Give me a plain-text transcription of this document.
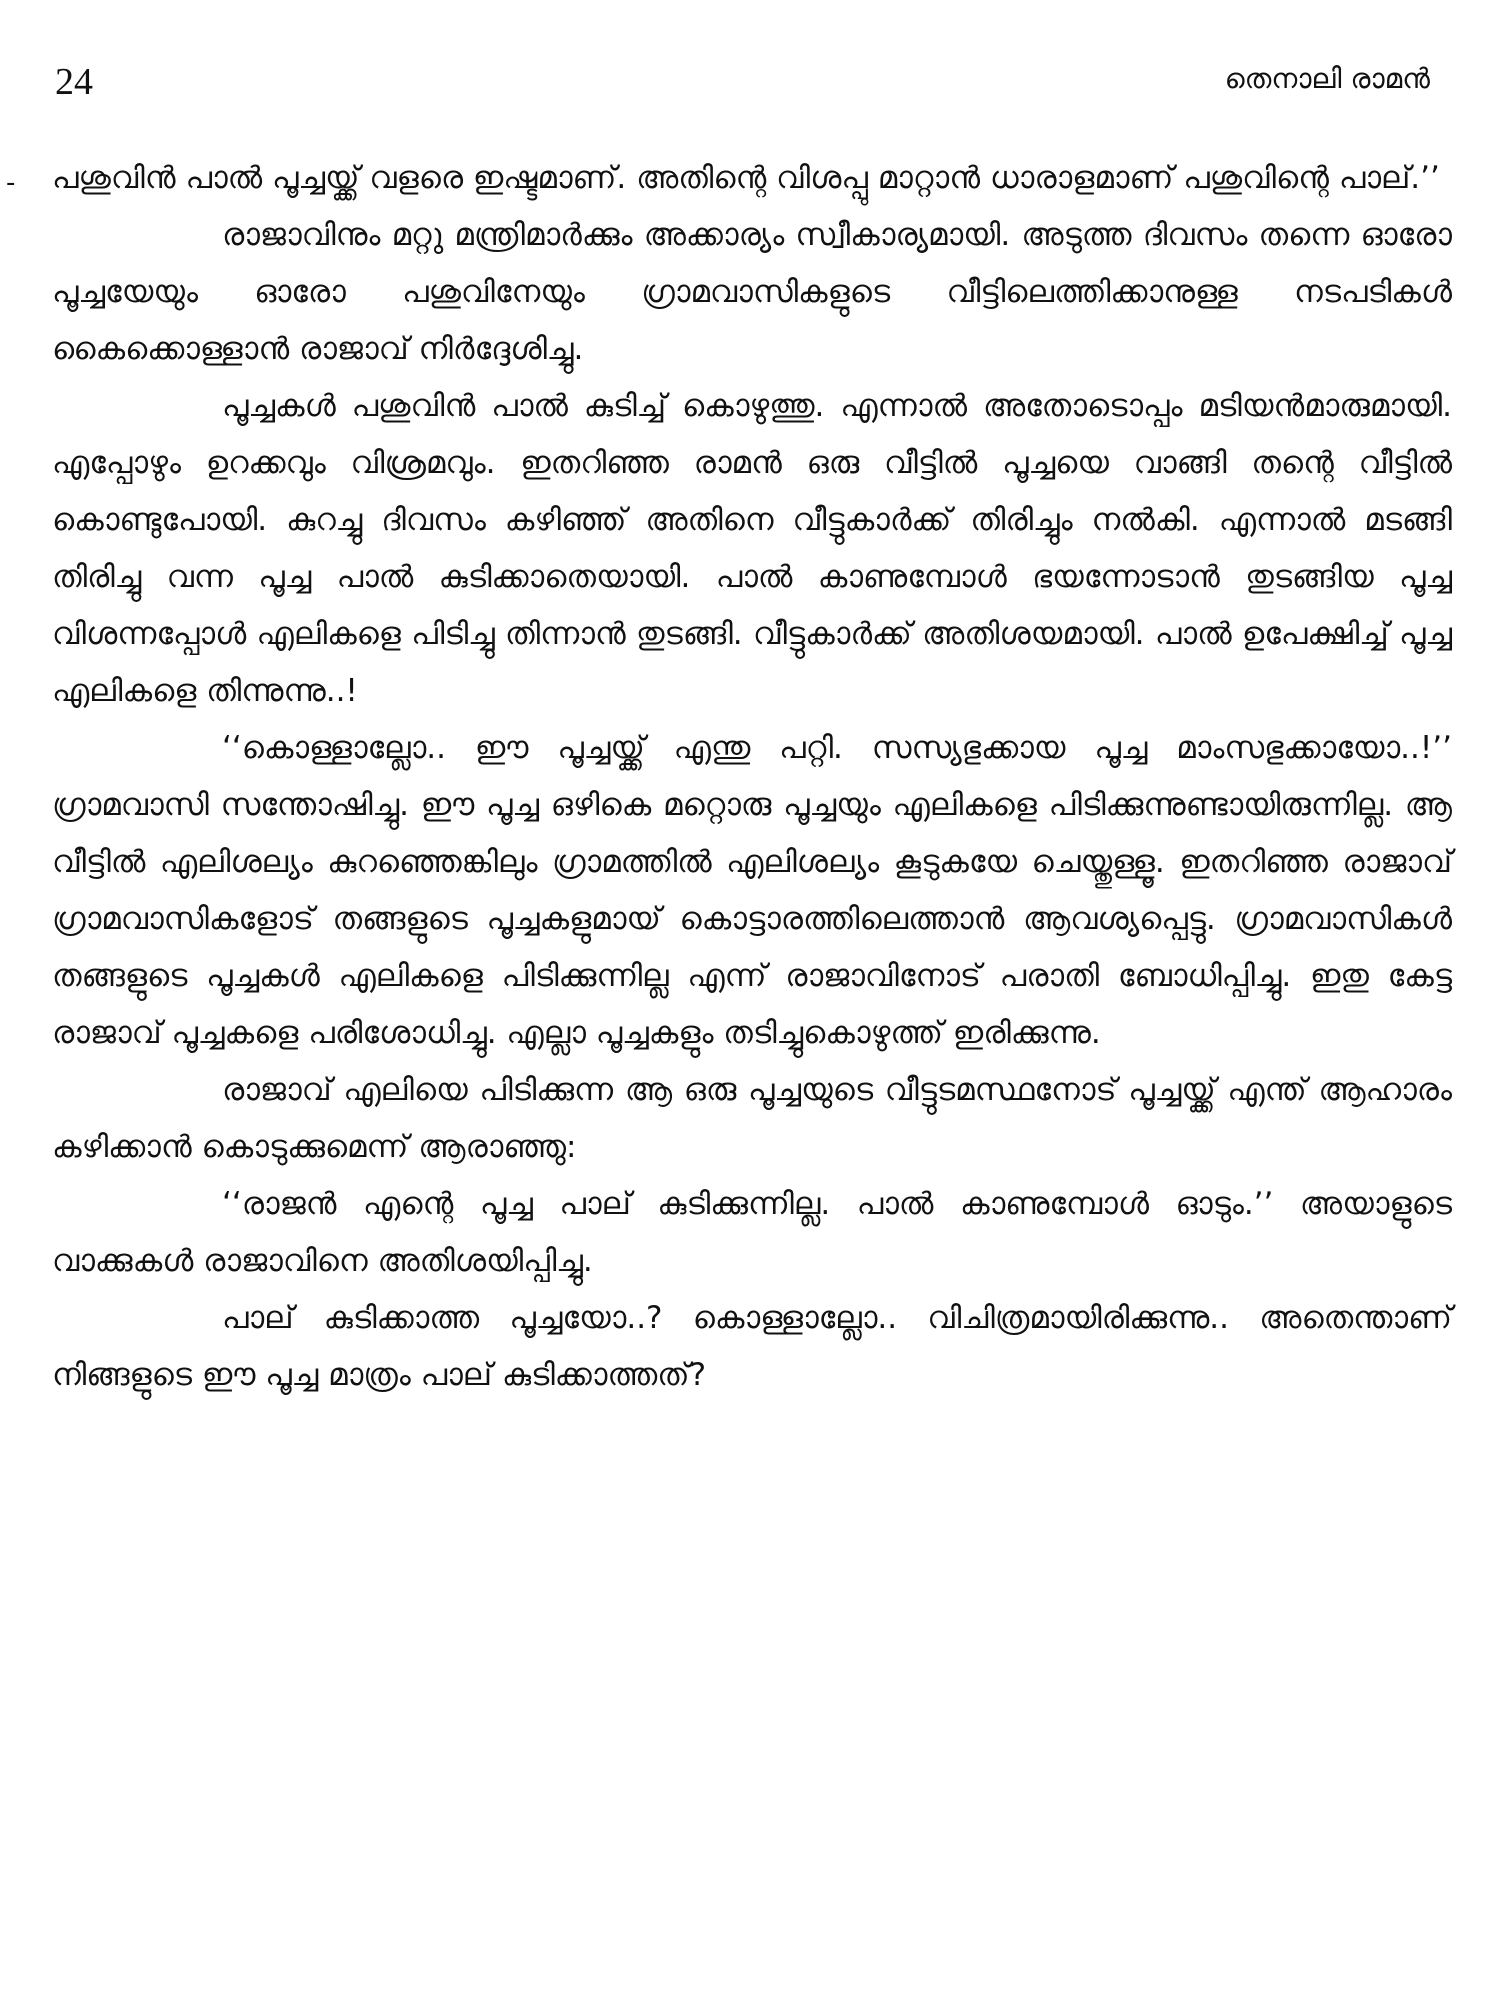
24	തെനാലി രാമൻ
- പശുവിൻ പാൽ പൂച്ചയ്ക്ക് വളരെ ഇഷ്ടമാണ്. അതിന്റെ വിശപ്പു മാറ്റാൻ ധാരാളമാണ് പശുവിന്റെ പാല്.’’

രാജാവിനും മറ്റു മന്ത്രിമാർക്കും അക്കാര്യം സ്വീകാര്യമായി. അടുത്ത ദിവസം തന്നെ ഓരോ പൂച്ചയേയും ഓരോ പശുവിനേയും ഗ്രാമവാസികളുടെ വീട്ടിലെത്തിക്കാനുള്ള നടപടികൾ കൈക്കൊള്ളാൻ രാജാവ് നിർദ്ദേശിച്ചു.

പൂച്ചകൾ പശുവിൻ പാൽ കുടിച്ച് കൊഴുത്തു. എന്നാൽ അതോടൊപ്പം മടിയൻമാരുമായി. എപ്പോഴും ഉറക്കവും വിശ്രമവും. ഇതറിഞ്ഞ രാമൻ ഒരു വീട്ടിൽ പൂച്ചയെ വാങ്ങി തന്റെ വീട്ടിൽ കൊണ്ടുപോയി. കുറച്ചു ദിവസം കഴിഞ്ഞ് അതിനെ വീട്ടുകാർക്ക് തിരിച്ചും നൽകി. എന്നാൽ മടങ്ങി തിരിച്ചു വന്ന പൂച്ച പാൽ കുടിക്കാതെയായി. പാൽ കാണുമ്പോൾ ഭയന്നോടാൻ തുടങ്ങിയ പൂച്ച വിശന്നപ്പോൾ എലികളെ പിടിച്ചു തിന്നാൻ തുടങ്ങി. വീട്ടുകാർക്ക് അതിശയമായി. പാൽ ഉപേക്ഷിച്ച് പൂച്ച എലികളെ തിന്നുന്നു..!

‘‘കൊള്ളാല്ലോ.. ഈ പൂച്ചയ്ക്ക് എന്തു പറ്റി. സസ്യഭുക്കായ പൂച്ച മാംസഭുക്കായോ..!’’ ഗ്രാമവാസി സന്തോഷിച്ചു. ഈ പൂച്ച ഒഴികെ മറ്റൊരു പൂച്ചയും എലികളെ പിടിക്കുന്നുണ്ടായിരുന്നില്ല. ആ വീട്ടിൽ എലിശല്യം കുറഞ്ഞെങ്കിലും ഗ്രാമത്തിൽ എലിശല്യം കൂടുകയേ ചെയ്തുള്ളൂ. ഇതറിഞ്ഞ രാജാവ് ഗ്രാമവാസികളോട് തങ്ങളുടെ പൂച്ചകളുമായ് കൊട്ടാരത്തിലെത്താൻ ആവശ്യപ്പെട്ടു. ഗ്രാമവാസികൾ തങ്ങളുടെ പൂച്ചകൾ എലികളെ പിടിക്കുന്നില്ല എന്ന് രാജാവിനോട് പരാതി ബോധിപ്പിച്ചു. ഇതു കേട്ട രാജാവ് പൂച്ചകളെ പരിശോധിച്ചു. എല്ലാ പൂച്ചകളും തടിച്ചുകൊഴുത്ത് ഇരിക്കുന്നു.

രാജാവ് എലിയെ പിടിക്കുന്ന ആ ഒരു പൂച്ചയുടെ വീട്ടുടമസ്ഥനോട് പൂച്ചയ്ക്ക് എന്ത് ആഹാരം കഴിക്കാൻ കൊടുക്കുമെന്ന് ആരാഞ്ഞു:

‘‘രാജൻ എന്റെ പൂച്ച പാല് കുടിക്കുന്നില്ല. പാൽ കാണുമ്പോൾ ഓടും.’’ അയാളുടെ വാക്കുകൾ രാജാവിനെ അതിശയിപ്പിച്ചു.

പാല് കുടിക്കാത്ത പൂച്ചയോ..? കൊള്ളാല്ലോ.. വിചിത്രമായിരിക്കുന്നു.. അതെന്താണ് നിങ്ങളുടെ ഈ പൂച്ച മാത്രം പാല് കുടിക്കാത്തത്?
